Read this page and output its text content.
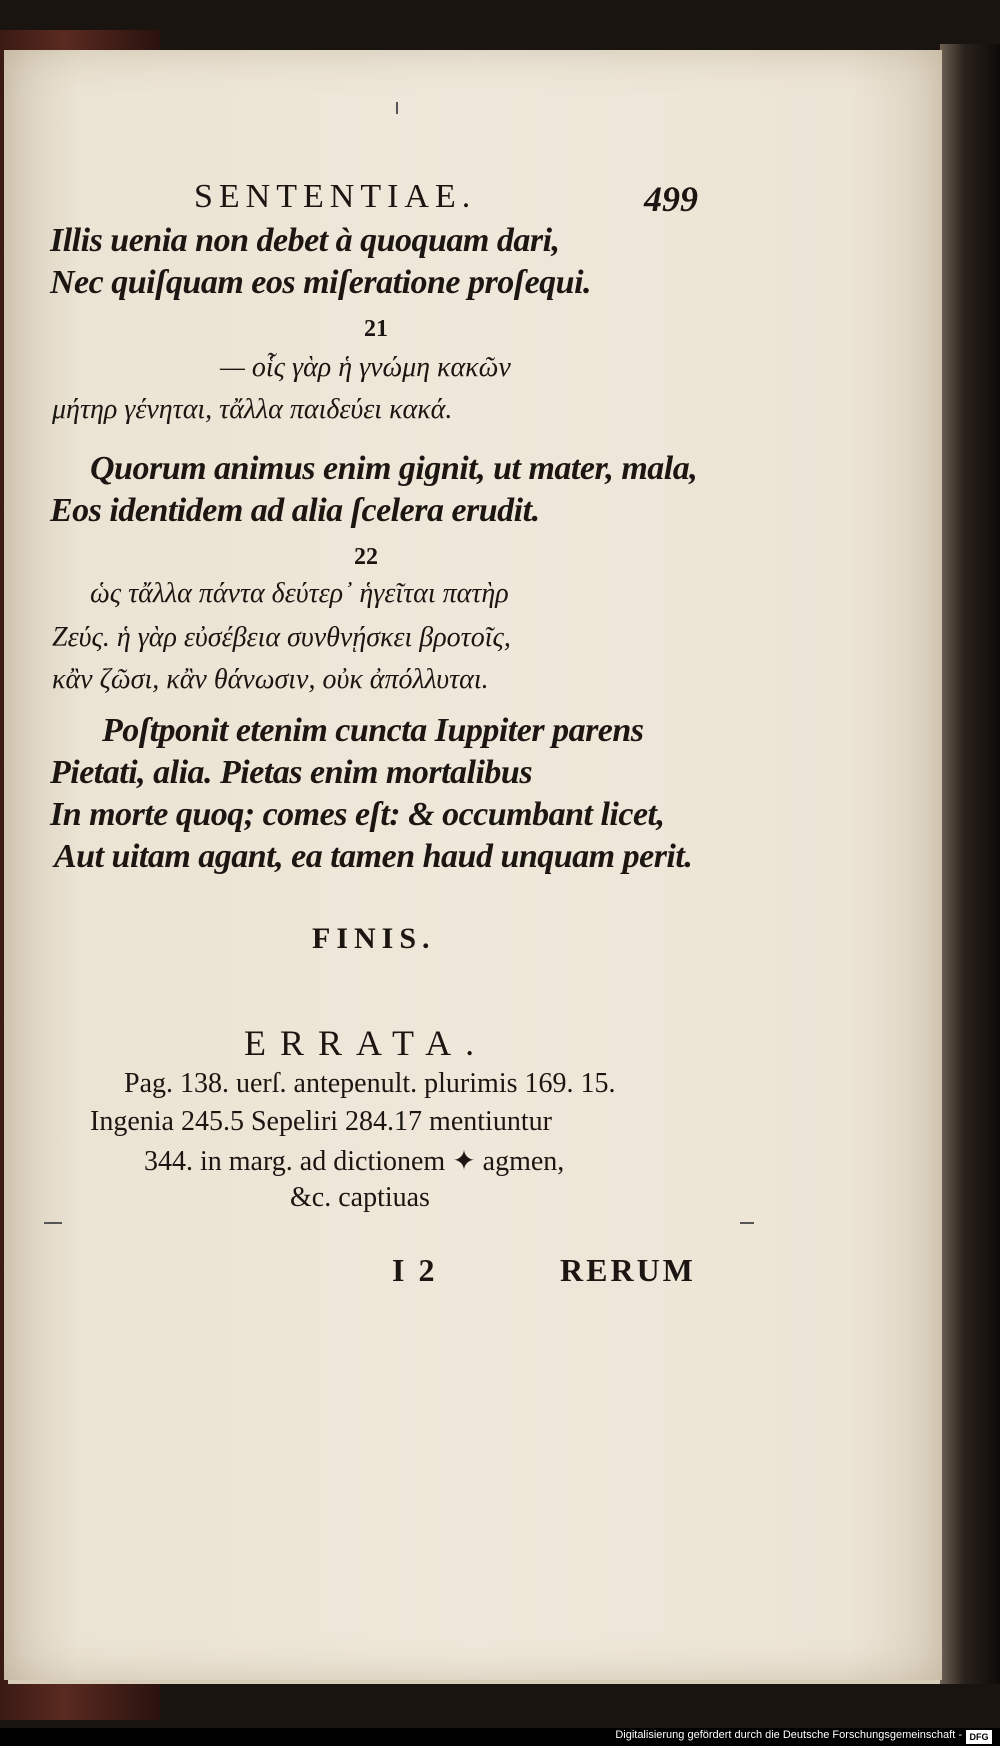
SENTENTIAE.	499
Illis uenia non debet à quoquam dari,
Nec quiſquam eos miſeratione proſequi.
21
— οἷς γὰρ ἡ γνώμη κακῶν
μήτηρ γένηται, τἄλλα παιδεύει κακά.
Quorum animus enim gignit, ut mater, mala,
Eos identidem ad alia ſcelera erudit.
22
ὡς τἄλλα πάντα δεύτερ᾽ ἡγεῖται πατὴρ
Ζεύς. ἡ γὰρ εὐσέβεια συνθνῄσκει βροτοῖς,
κἂν ζῶσι, κἂν θάνωσιν, οὐκ ἀπόλλυται.
Poſtponit etenim cuncta Iuppiter parens
Pietati, alia. Pietas enim mortalibus
In morte quoq; comes eſt: & occumbant licet,
Aut uitam agant, ea tamen haud unquam perit.
FINIS.
ERRATA.
Pag. 138. uerſ. antepenult. plurimis 169. 15.
Ingenia 245.5 Sepeliri 284.17 mentiuntur
344. in marg. ad dictionem ✦ agmen,
&c. captiuas
I 2	RERUM
Digitalisierung gefördert durch die Deutsche Forschungsgemeinschaft - DFG
